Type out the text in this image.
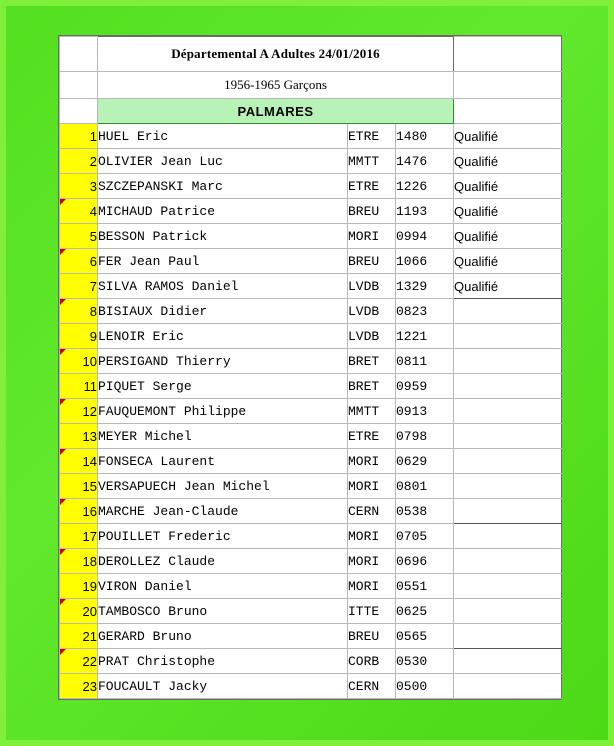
	Départemental A Adultes 24/01/2016			
	1956-1965 Garçons			
	PALMARES			
1	HUEL Eric	ETRE	1480	Qualifié
2	OLIVIER Jean Luc	MMTT	1476	Qualifié
3	SZCZEPANSKI Marc	ETRE	1226	Qualifié

4	MICHAUD Patrice	BREU	1193	Qualifié
5	BESSON Patrick	MORI	0994	Qualifié

6	FER Jean Paul	BREU	1066	Qualifié
7	SILVA RAMOS Daniel	LVDB	1329	Qualifié

8	BISIAUX Didier	LVDB	0823	
9	LENOIR Eric	LVDB	1221	

10	PERSIGAND Thierry	BRET	0811	
11	PIQUET Serge	BRET	0959	

12	FAUQUEMONT Philippe	MMTT	0913	
13	MEYER Michel	ETRE	0798	

14	FONSECA Laurent	MORI	0629	
15	VERSAPUECH Jean Michel	MORI	0801	

16	MARCHE Jean-Claude	CERN	0538	
17	POUILLET Frederic	MORI	0705	

18	DEROLLEZ Claude	MORI	0696	
19	VIRON Daniel	MORI	0551	

20	TAMBOSCO Bruno	ITTE	0625	
21	GERARD Bruno	BREU	0565	

22	PRAT Christophe	CORB	0530	
23	FOUCAULT Jacky	CERN	0500	
